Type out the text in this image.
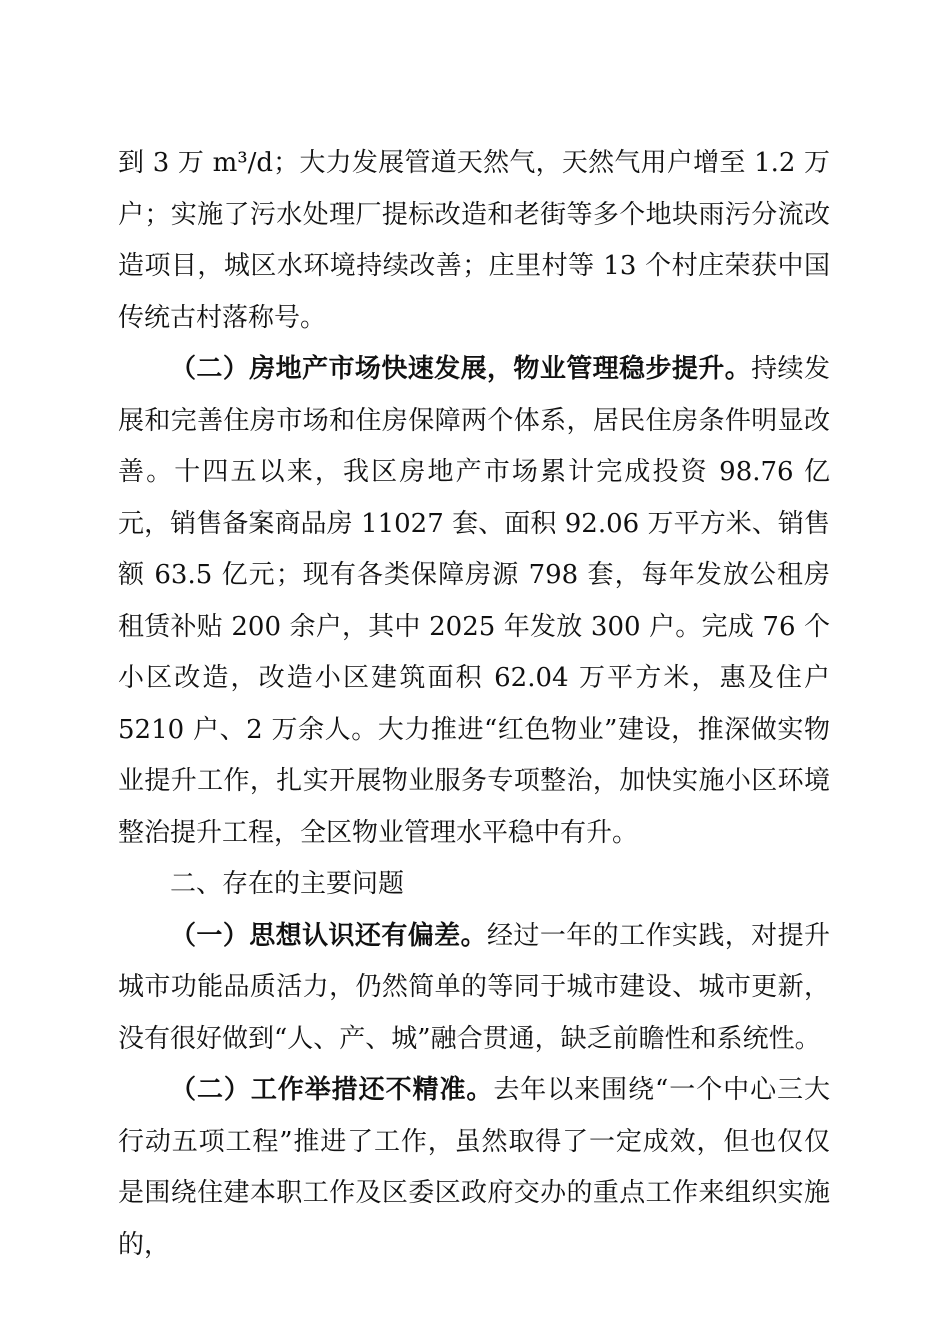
到 3 万 m³/d；大力发展管道天然气，天然气用户增至 1.2 万户；实施了污水处理厂提标改造和老街等多个地块雨污分流改造项目，城区水环境持续改善；庄里村等 13 个村庄荣获中国传统古村落称号。

（二）房地产市场快速发展，物业管理稳步提升。持续发展和完善住房市场和住房保障两个体系，居民住房条件明显改善。十四五以来，我区房地产市场累计完成投资 98.76 亿元，销售备案商品房 11027 套、面积 92.06 万平方米、销售额 63.5 亿元；现有各类保障房源 798 套，每年发放公租房租赁补贴 200 余户，其中 2025 年发放 300 户。完成 76 个小区改造，改造小区建筑面积 62.04 万平方米，惠及住户 5210 户、2 万余人。大力推进“红色物业”建设，推深做实物业提升工作，扎实开展物业服务专项整治，加快实施小区环境整治提升工程，全区物业管理水平稳中有升。

二、存在的主要问题

（一）思想认识还有偏差。经过一年的工作实践，对提升城市功能品质活力，仍然简单的等同于城市建设、城市更新，没有很好做到“人、产、城”融合贯通，缺乏前瞻性和系统性。

（二）工作举措还不精准。去年以来围绕“一个中心三大行动五项工程”推进了工作，虽然取得了一定成效，但也仅仅是围绕住建本职工作及区委区政府交办的重点工作来组织实施的，
